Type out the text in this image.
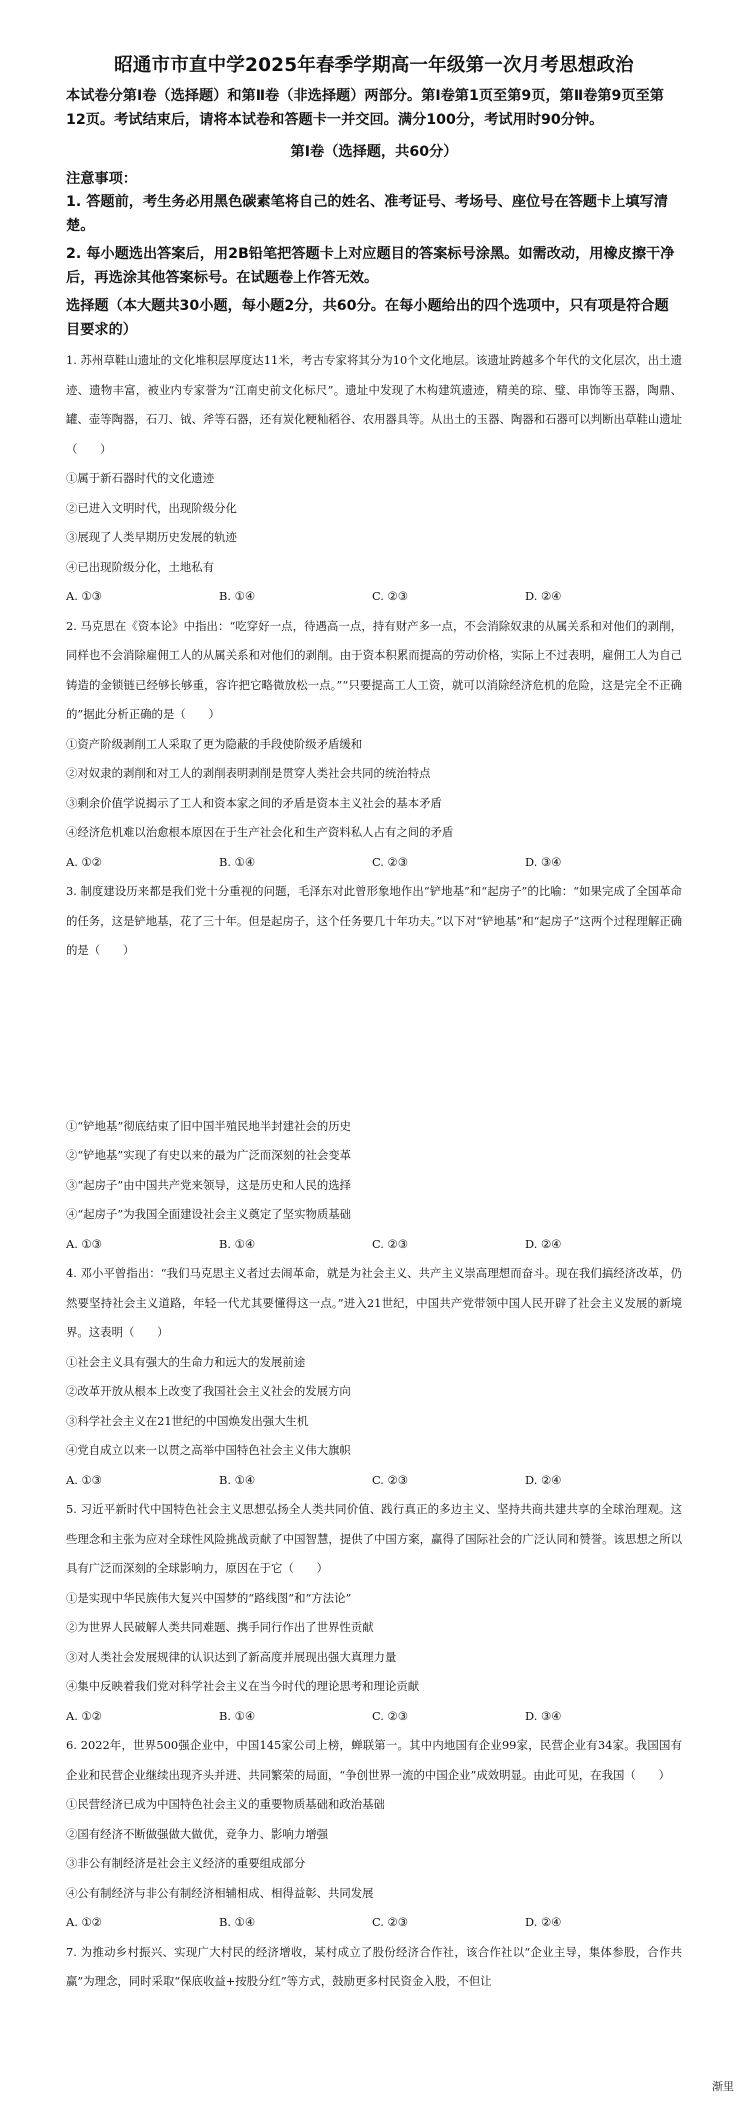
昭通市市直中学2025年春季学期高一年级第一次月考思想政治

本试卷分第Ⅰ卷（选择题）和第Ⅱ卷（非选择题）两部分。第Ⅰ卷第1页至第9页，第Ⅱ卷第9页至第12页。考试结束后，请将本试卷和答题卡一并交回。满分100分，考试用时90分钟。

第Ⅰ卷（选择题，共60分）

注意事项：

1. 答题前，考生务必用黑色碳素笔将自己的姓名、准考证号、考场号、座位号在答题卡上填写清楚。

2. 每小题选出答案后，用2B铅笔把答题卡上对应题目的答案标号涂黑。如需改动，用橡皮擦干净后，再选涂其他答案标号。在试题卷上作答无效。

选择题（本大题共30小题，每小题2分，共60分。在每小题给出的四个选项中，只有项是符合题目要求的）

1. 苏州草鞋山遗址的文化堆积层厚度达11米，考古专家将其分为10个文化地层。该遗址跨越多个年代的文化层次，出土遗迹、遗物丰富，被业内专家誉为“江南史前文化标尺”。遗址中发现了木构建筑遗迹，精美的琮、璧、串饰等玉器，陶鼎、罐、壶等陶器，石刀、钺、斧等石器，还有炭化粳籼稻谷、农用器具等。从出土的玉器、陶器和石器可以判断出草鞋山遗址（　　）

①属于新石器时代的文化遗迹

②已进入文明时代，出现阶级分化

③展现了人类早期历史发展的轨迹

④已出现阶级分化，土地私有

A. ①③	B. ①④	C. ②③	D. ②④

2. 马克思在《资本论》中指出：“吃穿好一点，待遇高一点，持有财产多一点，不会消除奴隶的从属关系和对他们的剥削，同样也不会消除雇佣工人的从属关系和对他们的剥削。由于资本积累而提高的劳动价格，实际上不过表明，雇佣工人为自己铸造的金锁链已经够长够重，容许把它略微放松一点。”“只要提高工人工资，就可以消除经济危机的危险，这是完全不正确的”据此分析正确的是（　　）

①资产阶级剥削工人采取了更为隐蔽的手段使阶级矛盾缓和

②对奴隶的剥削和对工人的剥削表明剥削是贯穿人类社会共同的统治特点

③剩余价值学说揭示了工人和资本家之间的矛盾是资本主义社会的基本矛盾

④经济危机难以治愈根本原因在于生产社会化和生产资料私人占有之间的矛盾

A. ①②	B. ①④	C. ②③	D. ③④

3. 制度建设历来都是我们党十分重视的问题，毛泽东对此曾形象地作出“铲地基”和“起房子”的比喻：“如果完成了全国革命的任务，这是铲地基，花了三十年。但是起房子，这个任务要几十年功夫。”以下对“铲地基”和“起房子”这两个过程理解正确的是（　　）

①“铲地基”彻底结束了旧中国半殖民地半封建社会的历史

②“铲地基”实现了有史以来的最为广泛而深刻的社会变革

③“起房子”由中国共产党来领导，这是历史和人民的选择

④“起房子”为我国全面建设社会主义奠定了坚实物质基础

A. ①③	B. ①④	C. ②③	D. ②④

4. 邓小平曾指出：“我们马克思主义者过去闹革命，就是为社会主义、共产主义崇高理想而奋斗。现在我们搞经济改革，仍然要坚持社会主义道路，年轻一代尤其要懂得这一点。”进入21世纪，中国共产党带领中国人民开辟了社会主义发展的新境界。这表明（　　）

①社会主义具有强大的生命力和远大的发展前途

②改革开放从根本上改变了我国社会主义社会的发展方向

③科学社会主义在21世纪的中国焕发出强大生机

④党自成立以来一以贯之高举中国特色社会主义伟大旗帜

A. ①③	B. ①④	C. ②③	D. ②④

5. 习近平新时代中国特色社会主义思想弘扬全人类共同价值、践行真正的多边主义、坚持共商共建共享的全球治理观。这些理念和主张为应对全球性风险挑战贡献了中国智慧，提供了中国方案，赢得了国际社会的广泛认同和赞誉。该思想之所以具有广泛而深刻的全球影响力，原因在于它（　　）

①是实现中华民族伟大复兴中国梦的“路线图”和“方法论”

②为世界人民破解人类共同难题、携手同行作出了世界性贡献

③对人类社会发展规律的认识达到了新高度并展现出强大真理力量

④集中反映着我们党对科学社会主义在当今时代的理论思考和理论贡献

A. ①②	B. ①④	C. ②③	D. ③④

6. 2022年，世界500强企业中，中国145家公司上榜，蝉联第一。其中内地国有企业99家，民营企业有34家。我国国有企业和民营企业继续出现齐头并进、共同繁荣的局面，“争创世界一流的中国企业”成效明显。由此可见，在我国（　　）

①民营经济已成为中国特色社会主义的重要物质基础和政治基础

②国有经济不断做强做大做优，竞争力、影响力增强

③非公有制经济是社会主义经济的重要组成部分

④公有制经济与非公有制经济相辅相成、相得益彰、共同发展

A. ①②	B. ①④	C. ②③	D. ②④

7. 为推动乡村振兴、实现广大村民的经济增收，某村成立了股份经济合作社，该合作社以“企业主导，集体参股，合作共赢”为理念，同时采取“保底收益+按股分红”等方式，鼓励更多村民资金入股，不但让

渐里
